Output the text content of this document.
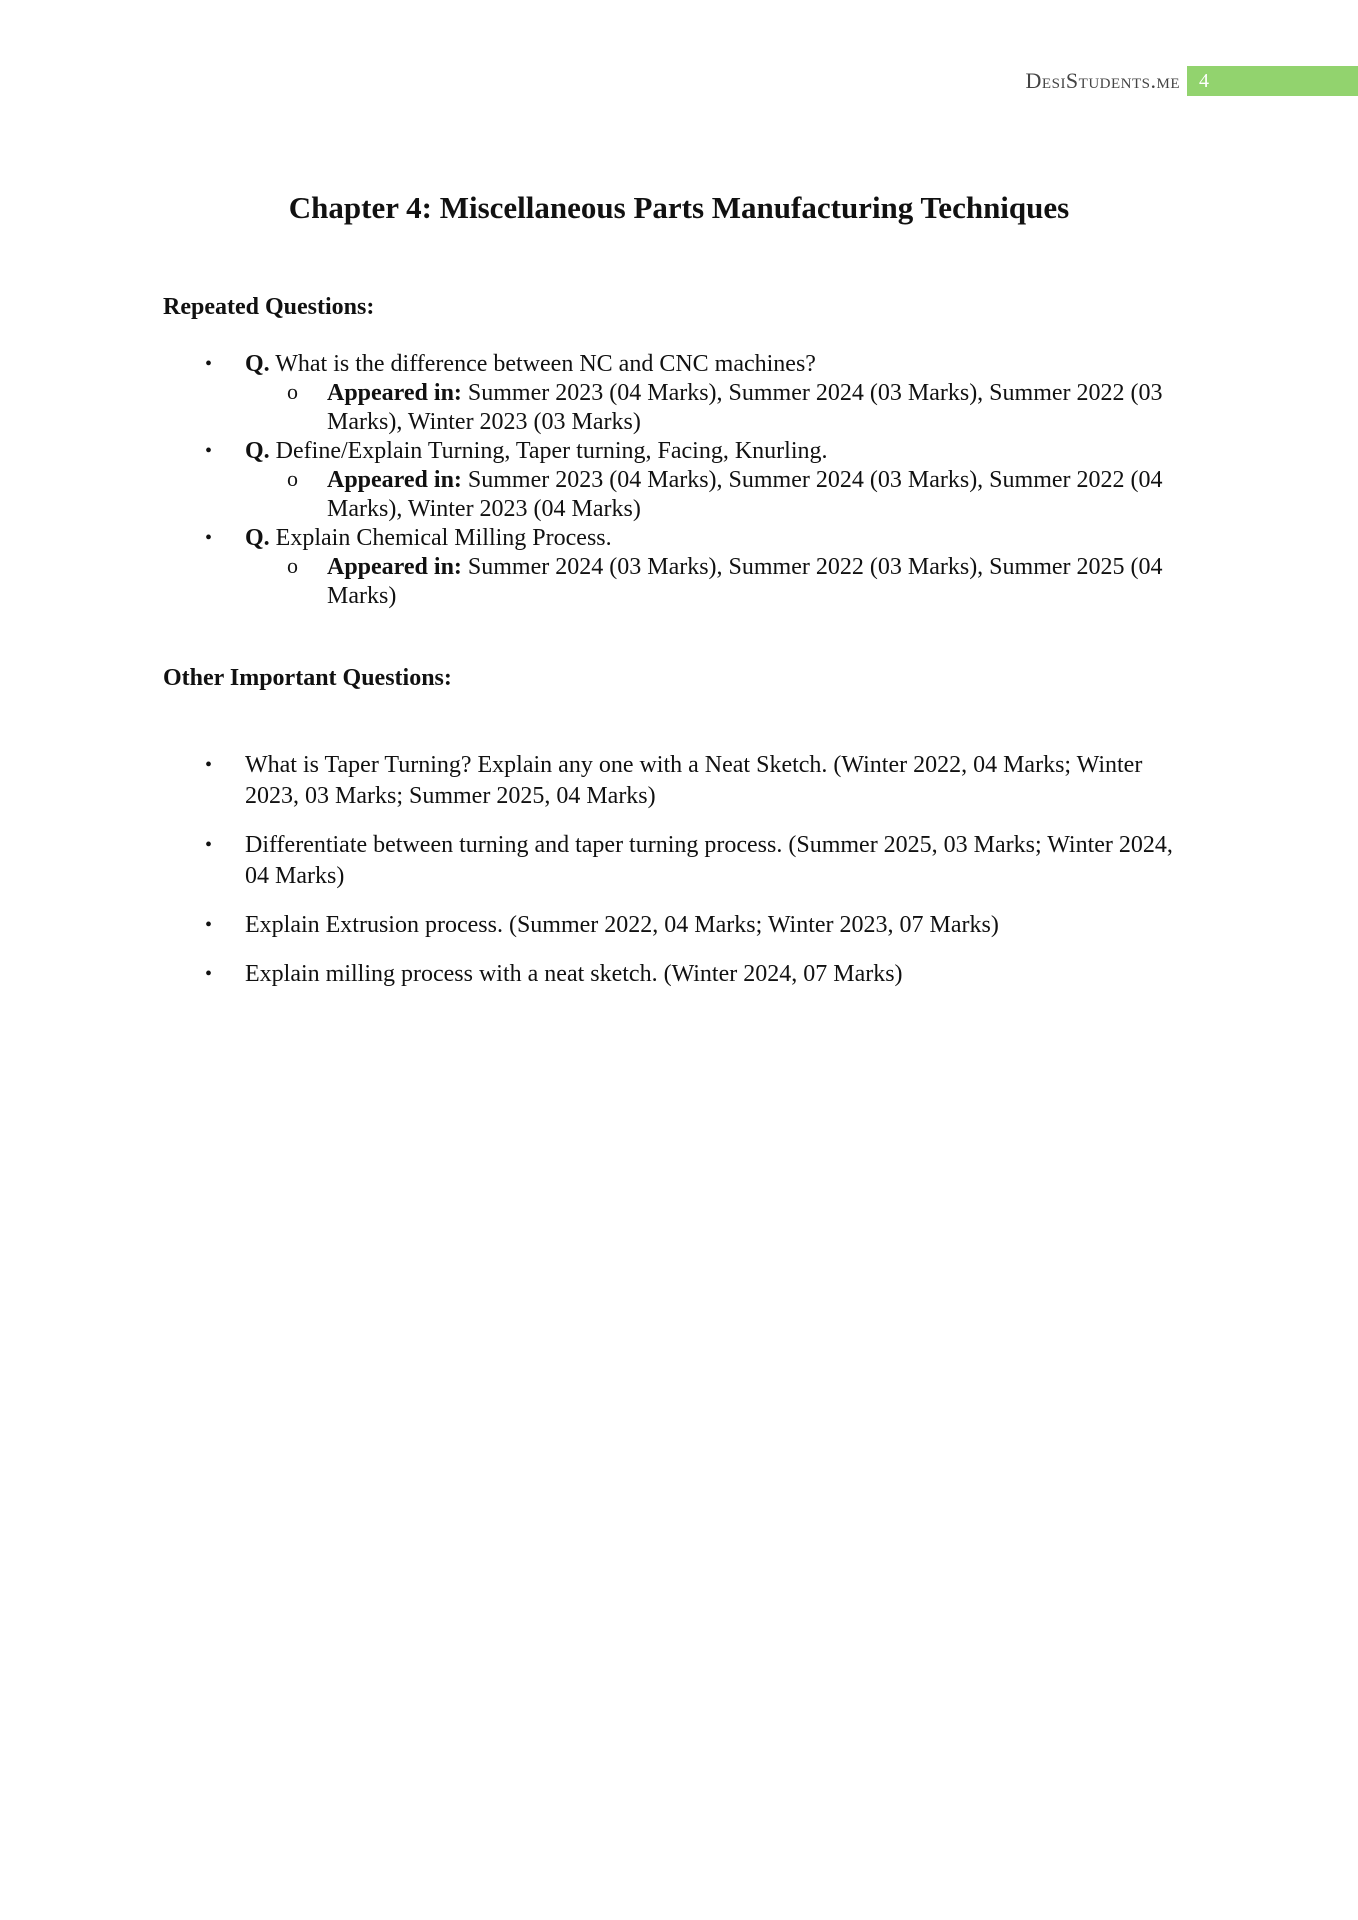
DesiStudents.me 4
Chapter 4: Miscellaneous Parts Manufacturing Techniques
Repeated Questions:
• Q. What is the difference between NC and CNC machines?
o Appeared in: Summer 2023 (04 Marks), Summer 2024 (03 Marks), Summer 2022 (03 Marks), Winter 2023 (03 Marks)
• Q. Define/Explain Turning, Taper turning, Facing, Knurling.
o Appeared in: Summer 2023 (04 Marks), Summer 2024 (03 Marks), Summer 2022 (04 Marks), Winter 2023 (04 Marks)
• Q. Explain Chemical Milling Process.
o Appeared in: Summer 2024 (03 Marks), Summer 2022 (03 Marks), Summer 2025 (04 Marks)
Other Important Questions:
• What is Taper Turning? Explain any one with a Neat Sketch. (Winter 2022, 04 Marks; Winter 2023, 03 Marks; Summer 2025, 04 Marks)
• Differentiate between turning and taper turning process. (Summer 2025, 03 Marks; Winter 2024, 04 Marks)
• Explain Extrusion process. (Summer 2022, 04 Marks; Winter 2023, 07 Marks)
• Explain milling process with a neat sketch. (Winter 2024, 07 Marks)
